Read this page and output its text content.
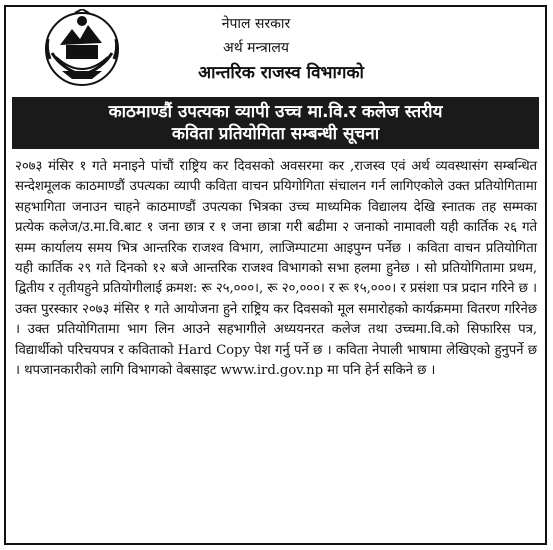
नेपाल सरकार
अर्थ मन्त्रालय
आन्तरिक राजस्व विभागको
काठमाण्डौं उपत्यका व्यापी उच्च मा.वि.र कलेज स्तरीय
कविता प्रतियोगिता सम्बन्धी सूचना
२०७३ मंसिर १ गते मनाइने पांचौं राष्ट्रिय कर दिवसको अवसरमा कर ,राजस्व एवं अर्थ व्यवस्थासंग सम्बन्धित सन्देशमूलक काठमाण्डौं उपत्यका व्यापी कविता वाचन प्रयिगोगिता संचालन गर्न लागिएकोले उक्त प्रतियोगितामा सहभागिता जनाउन चाहने काठमाण्डौं उपत्यका भित्रका उच्च माध्यमिक विद्यालय देखि स्नातक तह सम्मका प्रत्येक कलेज/उ.मा.वि.बाट १ जना छात्र र १ जना छात्रा गरी बढीमा २ जनाको नामावली यही कार्तिक २६ गते सम्म कार्यालय समय भित्र आन्तरिक राजश्व विभाग, लाजिम्पाटमा आइपुग्न पर्नेछ । कविता वाचन प्रतियोगिता यही कार्तिक २९ गते दिनको १२ बजे आन्तरिक राजश्व विभागको सभा हलमा हुनेछ । सो प्रतियोगितामा प्रथम, द्वितीय र तृतीयहुने प्रतियोगीलाई क्रमश: रू २५,०००।, रू २०,०००। र रू १५,०००। र प्रसंशा पत्र प्रदान गरिने छ । उक्त पुरस्कार २०७३ मंसिर १ गते आयोजना हुने राष्ट्रिय कर दिवसको मूल समारोहको कार्यक्रममा वितरण गरिनेछ । उक्त प्रतियोगितामा भाग लिन आउने सहभागीले अध्ययनरत कलेज तथा उच्चमा.वि.को सिफारिस पत्र, विद्यार्थीको परिचयपत्र र कविताको Hard Copy पेश गर्नु पर्ने छ । कविता नेपाली भाषामा लेखिएको हुनुपर्ने छ । थपजानकारीको लागि विभागको वेबसाइट www.ird.gov.np मा पनि हेर्न सकिने छ ।
